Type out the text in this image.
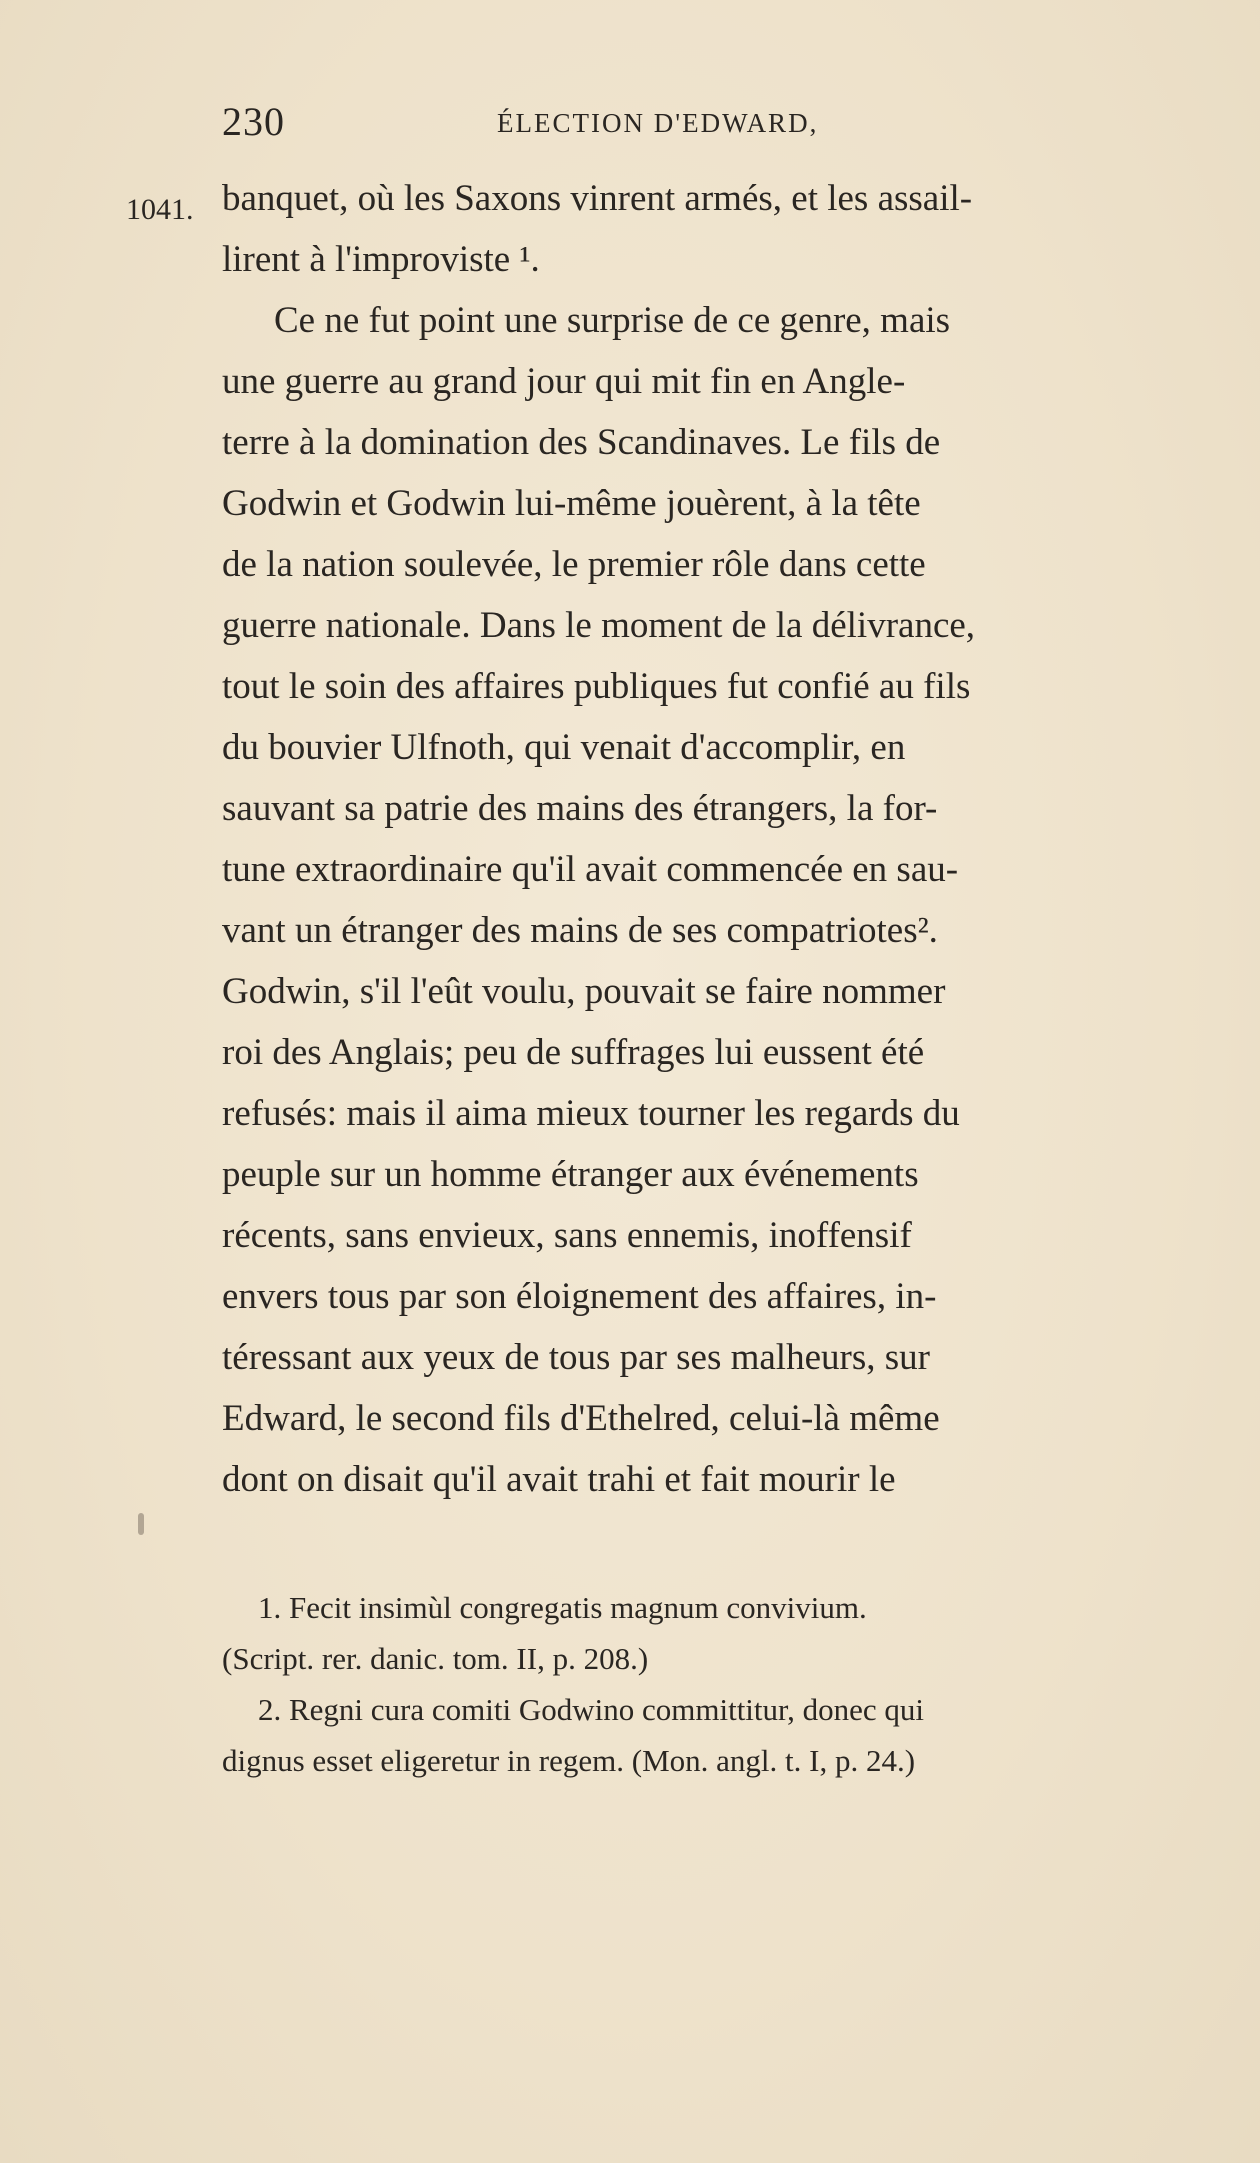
230	ÉLECTION D'EDWARD,
1041. banquet, où les Saxons vinrent armés, et les assail-
lirent à l'improviste ¹.
Ce ne fut point une surprise de ce genre, mais
une guerre au grand jour qui mit fin en Angle-
terre à la domination des Scandinaves. Le fils de
Godwin et Godwin lui-même jouèrent, à la tête
de la nation soulevée, le premier rôle dans cette
guerre nationale. Dans le moment de la délivrance,
tout le soin des affaires publiques fut confié au fils
du bouvier Ulfnoth, qui venait d'accomplir, en
sauvant sa patrie des mains des étrangers, la for-
tune extraordinaire qu'il avait commencée en sau-
vant un étranger des mains de ses compatriotes².
Godwin, s'il l'eût voulu, pouvait se faire nommer
roi des Anglais; peu de suffrages lui eussent été
refusés: mais il aima mieux tourner les regards du
peuple sur un homme étranger aux événements
récents, sans envieux, sans ennemis, inoffensif
envers tous par son éloignement des affaires, in-
téressant aux yeux de tous par ses malheurs, sur
Edward, le second fils d'Ethelred, celui-là même
dont on disait qu'il avait trahi et fait mourir le
1. Fecit insimùl congregatis magnum convivium.
(Script. rer. danic. tom. II, p. 208.)
2. Regni cura comiti Godwino committitur, donec qui
dignus esset eligeretur in regem. (Mon. angl. t. I, p. 24.)
